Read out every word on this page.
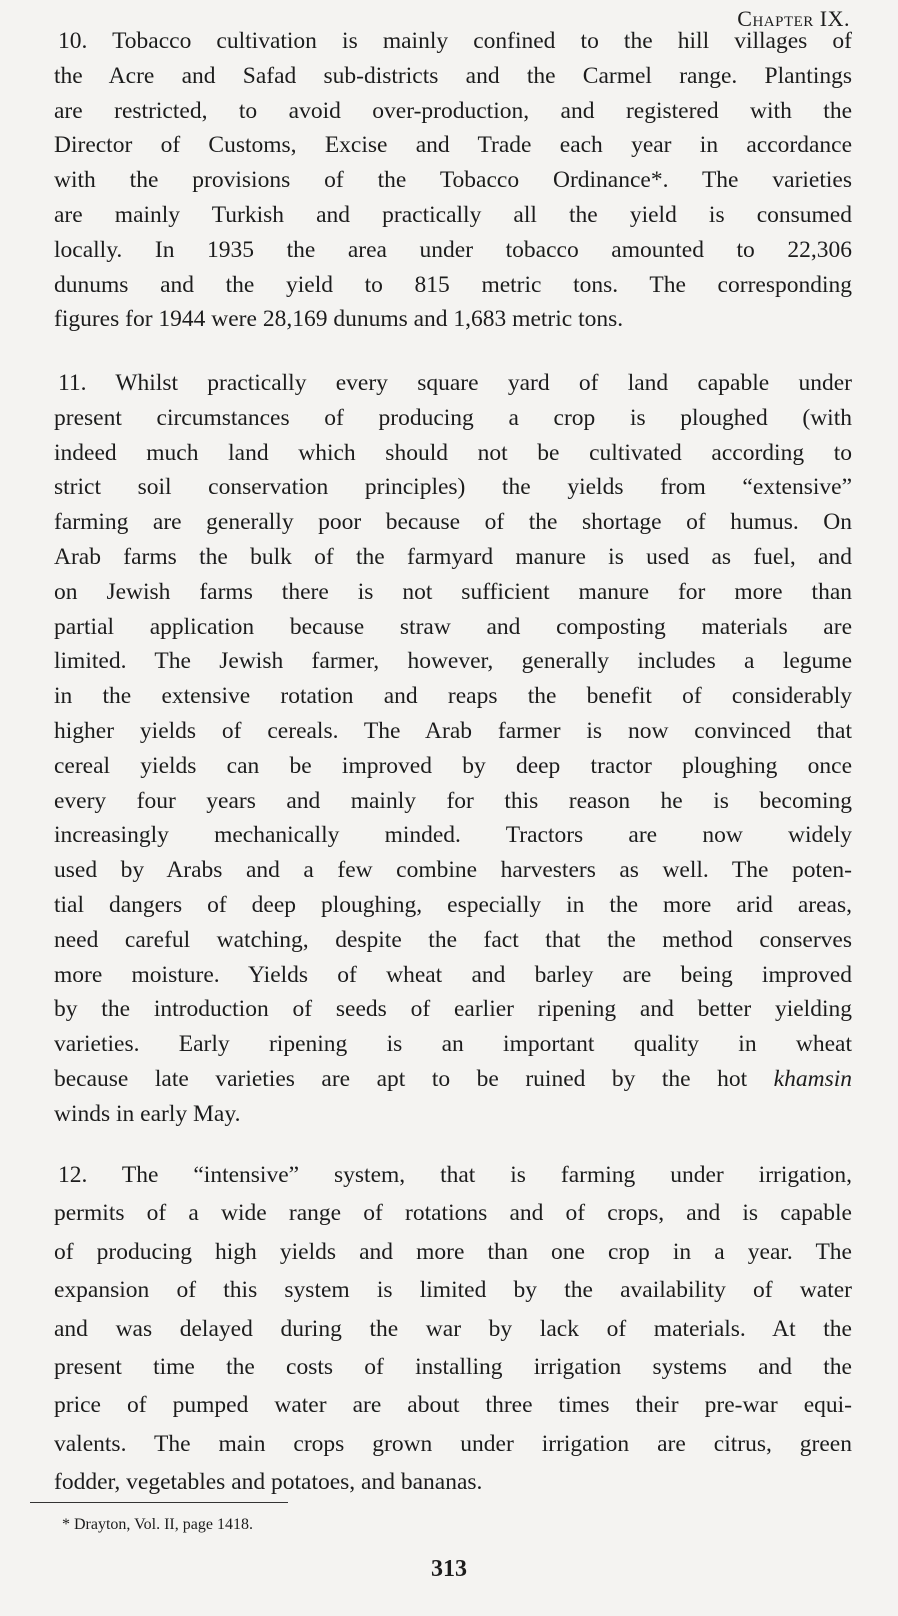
Chapter IX.
10. Tobacco cultivation is mainly confined to the hill villages of
the Acre and Safad sub-districts and the Carmel range. Plantings
are restricted, to avoid over-production, and registered with the
Director of Customs, Excise and Trade each year in accordance
with the provisions of the Tobacco Ordinance*. The varieties
are mainly Turkish and practically all the yield is consumed
locally. In 1935 the area under tobacco amounted to 22,306
dunums and the yield to 815 metric tons. The corresponding
figures for 1944 were 28,169 dunums and 1,683 metric tons.
11. Whilst practically every square yard of land capable under
present circumstances of producing a crop is ploughed (with
indeed much land which should not be cultivated according to
strict soil conservation principles) the yields from “extensive”
farming are generally poor because of the shortage of humus. On
Arab farms the bulk of the farmyard manure is used as fuel, and
on Jewish farms there is not sufficient manure for more than
partial application because straw and composting materials are
limited. The Jewish farmer, however, generally includes a legume
in the extensive rotation and reaps the benefit of considerably
higher yields of cereals. The Arab farmer is now convinced that
cereal yields can be improved by deep tractor ploughing once
every four years and mainly for this reason he is becoming
increasingly mechanically minded. Tractors are now widely
used by Arabs and a few combine harvesters as well. The poten-
tial dangers of deep ploughing, especially in the more arid areas,
need careful watching, despite the fact that the method conserves
more moisture. Yields of wheat and barley are being improved
by the introduction of seeds of earlier ripening and better yielding
varieties. Early ripening is an important quality in wheat
because late varieties are apt to be ruined by the hot khamsin
winds in early May.
12. The “intensive” system, that is farming under irrigation,
permits of a wide range of rotations and of crops, and is capable
of producing high yields and more than one crop in a year. The
expansion of this system is limited by the availability of water
and was delayed during the war by lack of materials. At the
present time the costs of installing irrigation systems and the
price of pumped water are about three times their pre-war equi-
valents. The main crops grown under irrigation are citrus, green
fodder, vegetables and potatoes, and bananas.
* Drayton, Vol. II, page 1418.
313
